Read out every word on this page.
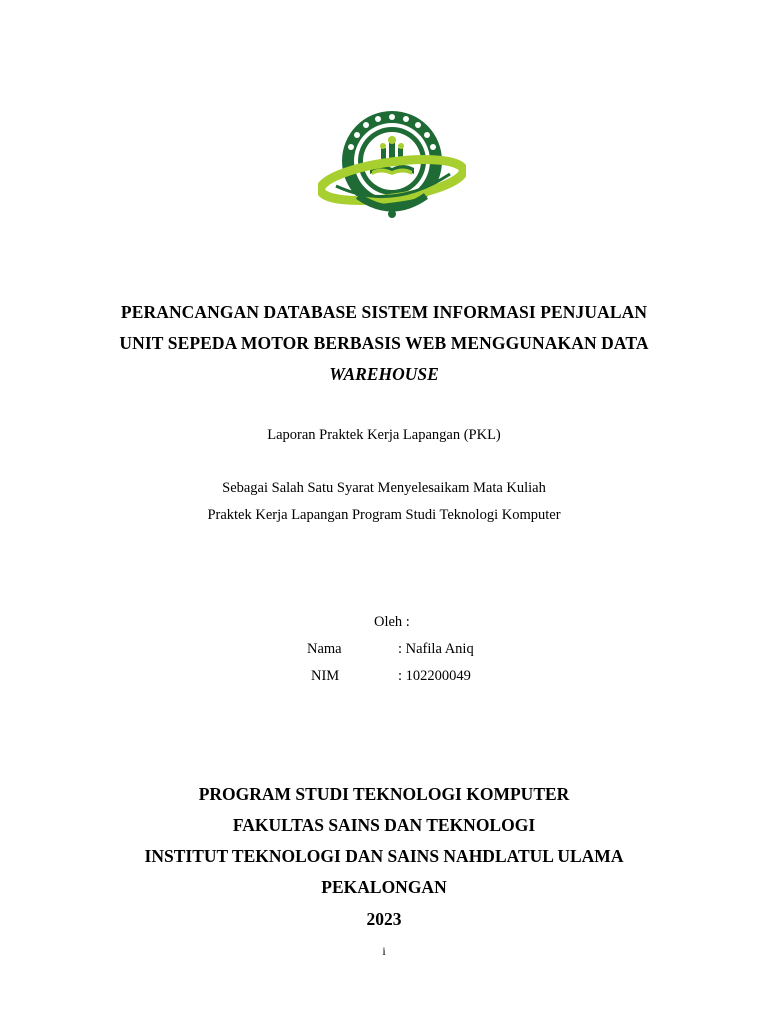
PERANCANGAN DATABASE SISTEM INFORMASI PENJUALAN
UNIT SEPEDA MOTOR BERBASIS WEB MENGGUNAKAN DATA
WAREHOUSE
Laporan Praktek Kerja Lapangan (PKL)
Sebagai Salah Satu Syarat Menyelesaikam Mata Kuliah
Praktek Kerja Lapangan Program Studi Teknologi Komputer
Oleh :
Nama	: Nafila Aniq
NIM	: 102200049
PROGRAM STUDI TEKNOLOGI KOMPUTER
FAKULTAS SAINS DAN TEKNOLOGI
INSTITUT TEKNOLOGI DAN SAINS NAHDLATUL ULAMA
PEKALONGAN
2023
i
